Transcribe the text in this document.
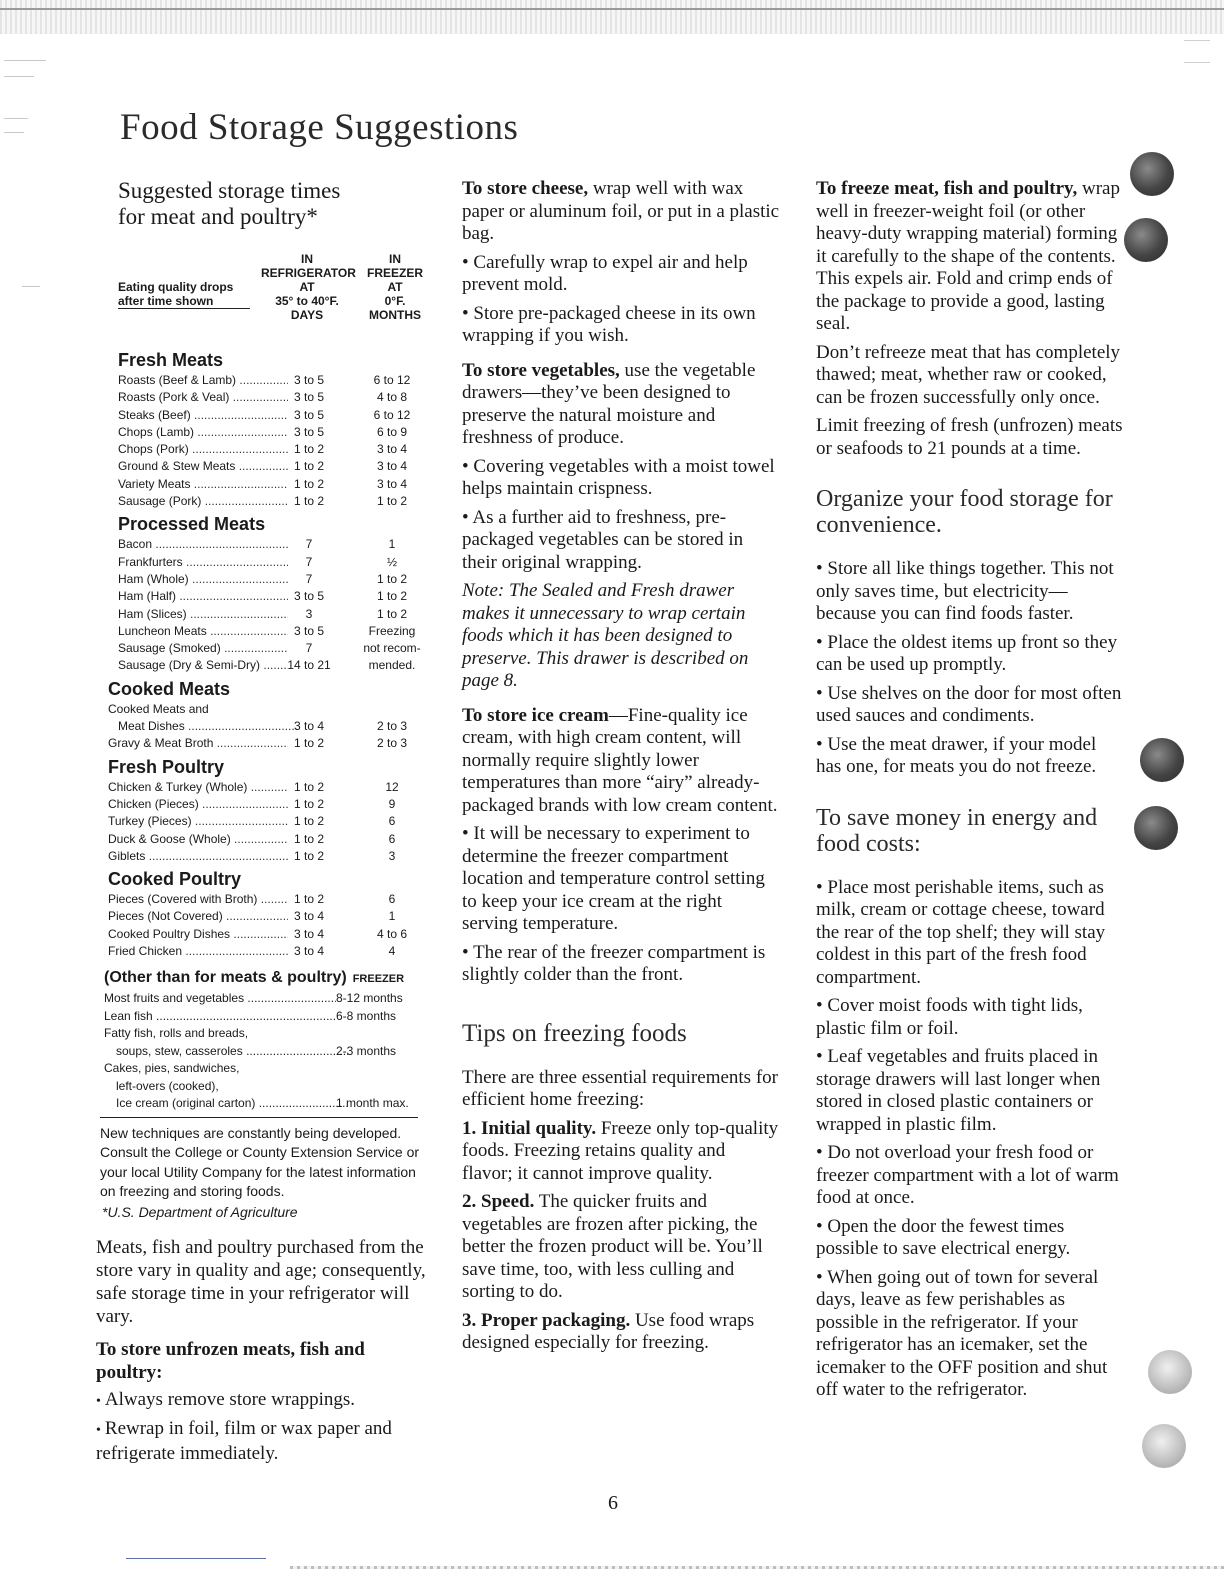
Food Storage Suggestions
Suggested storage times
for meat and poultry*
Eating quality drops
after time shown
IN
REFRIGERATOR
AT
35° to 40°F.
DAYS
IN
FREEZER
AT
0°F.
MONTHS
Fresh Meats
Roasts (Beef & Lamb) .....	3 to 5	6 to 12
Roasts (Pork & Veal) .....	3 to 5	4 to 8
Steaks (Beef) .....	3 to 5	6 to 12
Chops (Lamb) .....	3 to 5	6 to 9
Chops (Pork) .....	1 to 2	3 to 4
Ground & Stew Meats .....	1 to 2	3 to 4
Variety Meats .....	1 to 2	3 to 4
Sausage (Pork) .....	1 to 2	1 to 2
Processed Meats
Bacon .....	7	1
Frankfurters .....	7	½
Ham (Whole) .....	7	1 to 2
Ham (Half) .....	3 to 5	1 to 2
Ham (Slices) .....	3	1 to 2
Luncheon Meats .....	3 to 5	Freezing
Sausage (Smoked) .....	7	not recom-
Sausage (Dry & Semi-Dry) .....	14 to 21	mended.
Cooked Meats
Cooked Meats and
Meat Dishes .....	3 to 4	2 to 3
Gravy & Meat Broth .....	1 to 2	2 to 3
Fresh Poultry
Chicken & Turkey (Whole) .....	1 to 2	12
Chicken (Pieces) .....	1 to 2	9
Turkey (Pieces) .....	1 to 2	6
Duck & Goose (Whole) .....	1 to 2	6
Giblets .....	1 to 2	3
Cooked Poultry
Pieces (Covered with Broth) .....	1 to 2	6
Pieces (Not Covered) .....	3 to 4	1
Cooked Poultry Dishes .....	3 to 4	4 to 6
Fried Chicken .....	3 to 4	4
(Other than for meats & poultry) FREEZER
Most fruits and vegetables .....	8-12 months
Lean fish .....	6-8 months
Fatty fish, rolls and breads,
soups, stew, casseroles .....	2-3 months
Cakes, pies, sandwiches,
left-overs (cooked),
Ice cream (original carton) .....	1 month max.

New techniques are constantly being developed. Consult the College or County Extension Service or your local Utility Company for the latest information on freezing and storing foods.

*U.S. Department of Agriculture

Meats, fish and poultry purchased from the store vary in quality and age; consequently, safe storage time in your refrigerator will vary.

To store unfrozen meats, fish and poultry:

• Always remove store wrappings.

• Rewrap in foil, film or wax paper and refrigerate immediately.

To store cheese, wrap well with wax paper or aluminum foil, or put in a plastic bag.

• Carefully wrap to expel air and help prevent mold.

• Store pre-packaged cheese in its own wrapping if you wish.

To store vegetables, use the vegetable drawers—they’ve been designed to preserve the natural moisture and freshness of produce.

• Covering vegetables with a moist towel helps maintain crispness.

• As a further aid to freshness, pre-packaged vegetables can be stored in their original wrapping.

Note: The Sealed and Fresh drawer makes it unnecessary to wrap certain foods which it has been designed to preserve. This drawer is described on page 8.

To store ice cream—Fine-quality ice cream, with high cream content, will normally require slightly lower temperatures than more “airy” already-packaged brands with low cream content.

• It will be necessary to experiment to determine the freezer compartment location and temperature control setting to keep your ice cream at the right serving temperature.

• The rear of the freezer compartment is slightly colder than the front.

Tips on freezing foods

There are three essential requirements for efficient home freezing:

1. Initial quality. Freeze only top-quality foods. Freezing retains quality and flavor; it cannot improve quality.

2. Speed. The quicker fruits and vegetables are frozen after picking, the better the frozen product will be. You’ll save time, too, with less culling and sorting to do.

3. Proper packaging. Use food wraps designed especially for freezing.

To freeze meat, fish and poultry, wrap well in freezer-weight foil (or other heavy-duty wrapping material) forming it carefully to the shape of the contents. This expels air. Fold and crimp ends of the package to provide a good, lasting seal.

Don’t refreeze meat that has completely thawed; meat, whether raw or cooked, can be frozen successfully only once.

Limit freezing of fresh (unfrozen) meats or seafoods to 21 pounds at a time.

Organize your food storage for convenience.

• Store all like things together. This not only saves time, but electricity—because you can find foods faster.

• Place the oldest items up front so they can be used up promptly.

• Use shelves on the door for most often used sauces and condiments.

• Use the meat drawer, if your model has one, for meats you do not freeze.

To save money in energy and food costs:

• Place most perishable items, such as milk, cream or cottage cheese, toward the rear of the top shelf; they will stay coldest in this part of the fresh food compartment.

• Cover moist foods with tight lids, plastic film or foil.

• Leaf vegetables and fruits placed in storage drawers will last longer when stored in closed plastic containers or wrapped in plastic film.

• Do not overload your fresh food or freezer compartment with a lot of warm food at once.

• Open the door the fewest times possible to save electrical energy.

• When going out of town for several days, leave as few perishables as possible in the refrigerator. If your refrigerator has an icemaker, set the icemaker to the OFF position and shut off water to the refrigerator.

6
